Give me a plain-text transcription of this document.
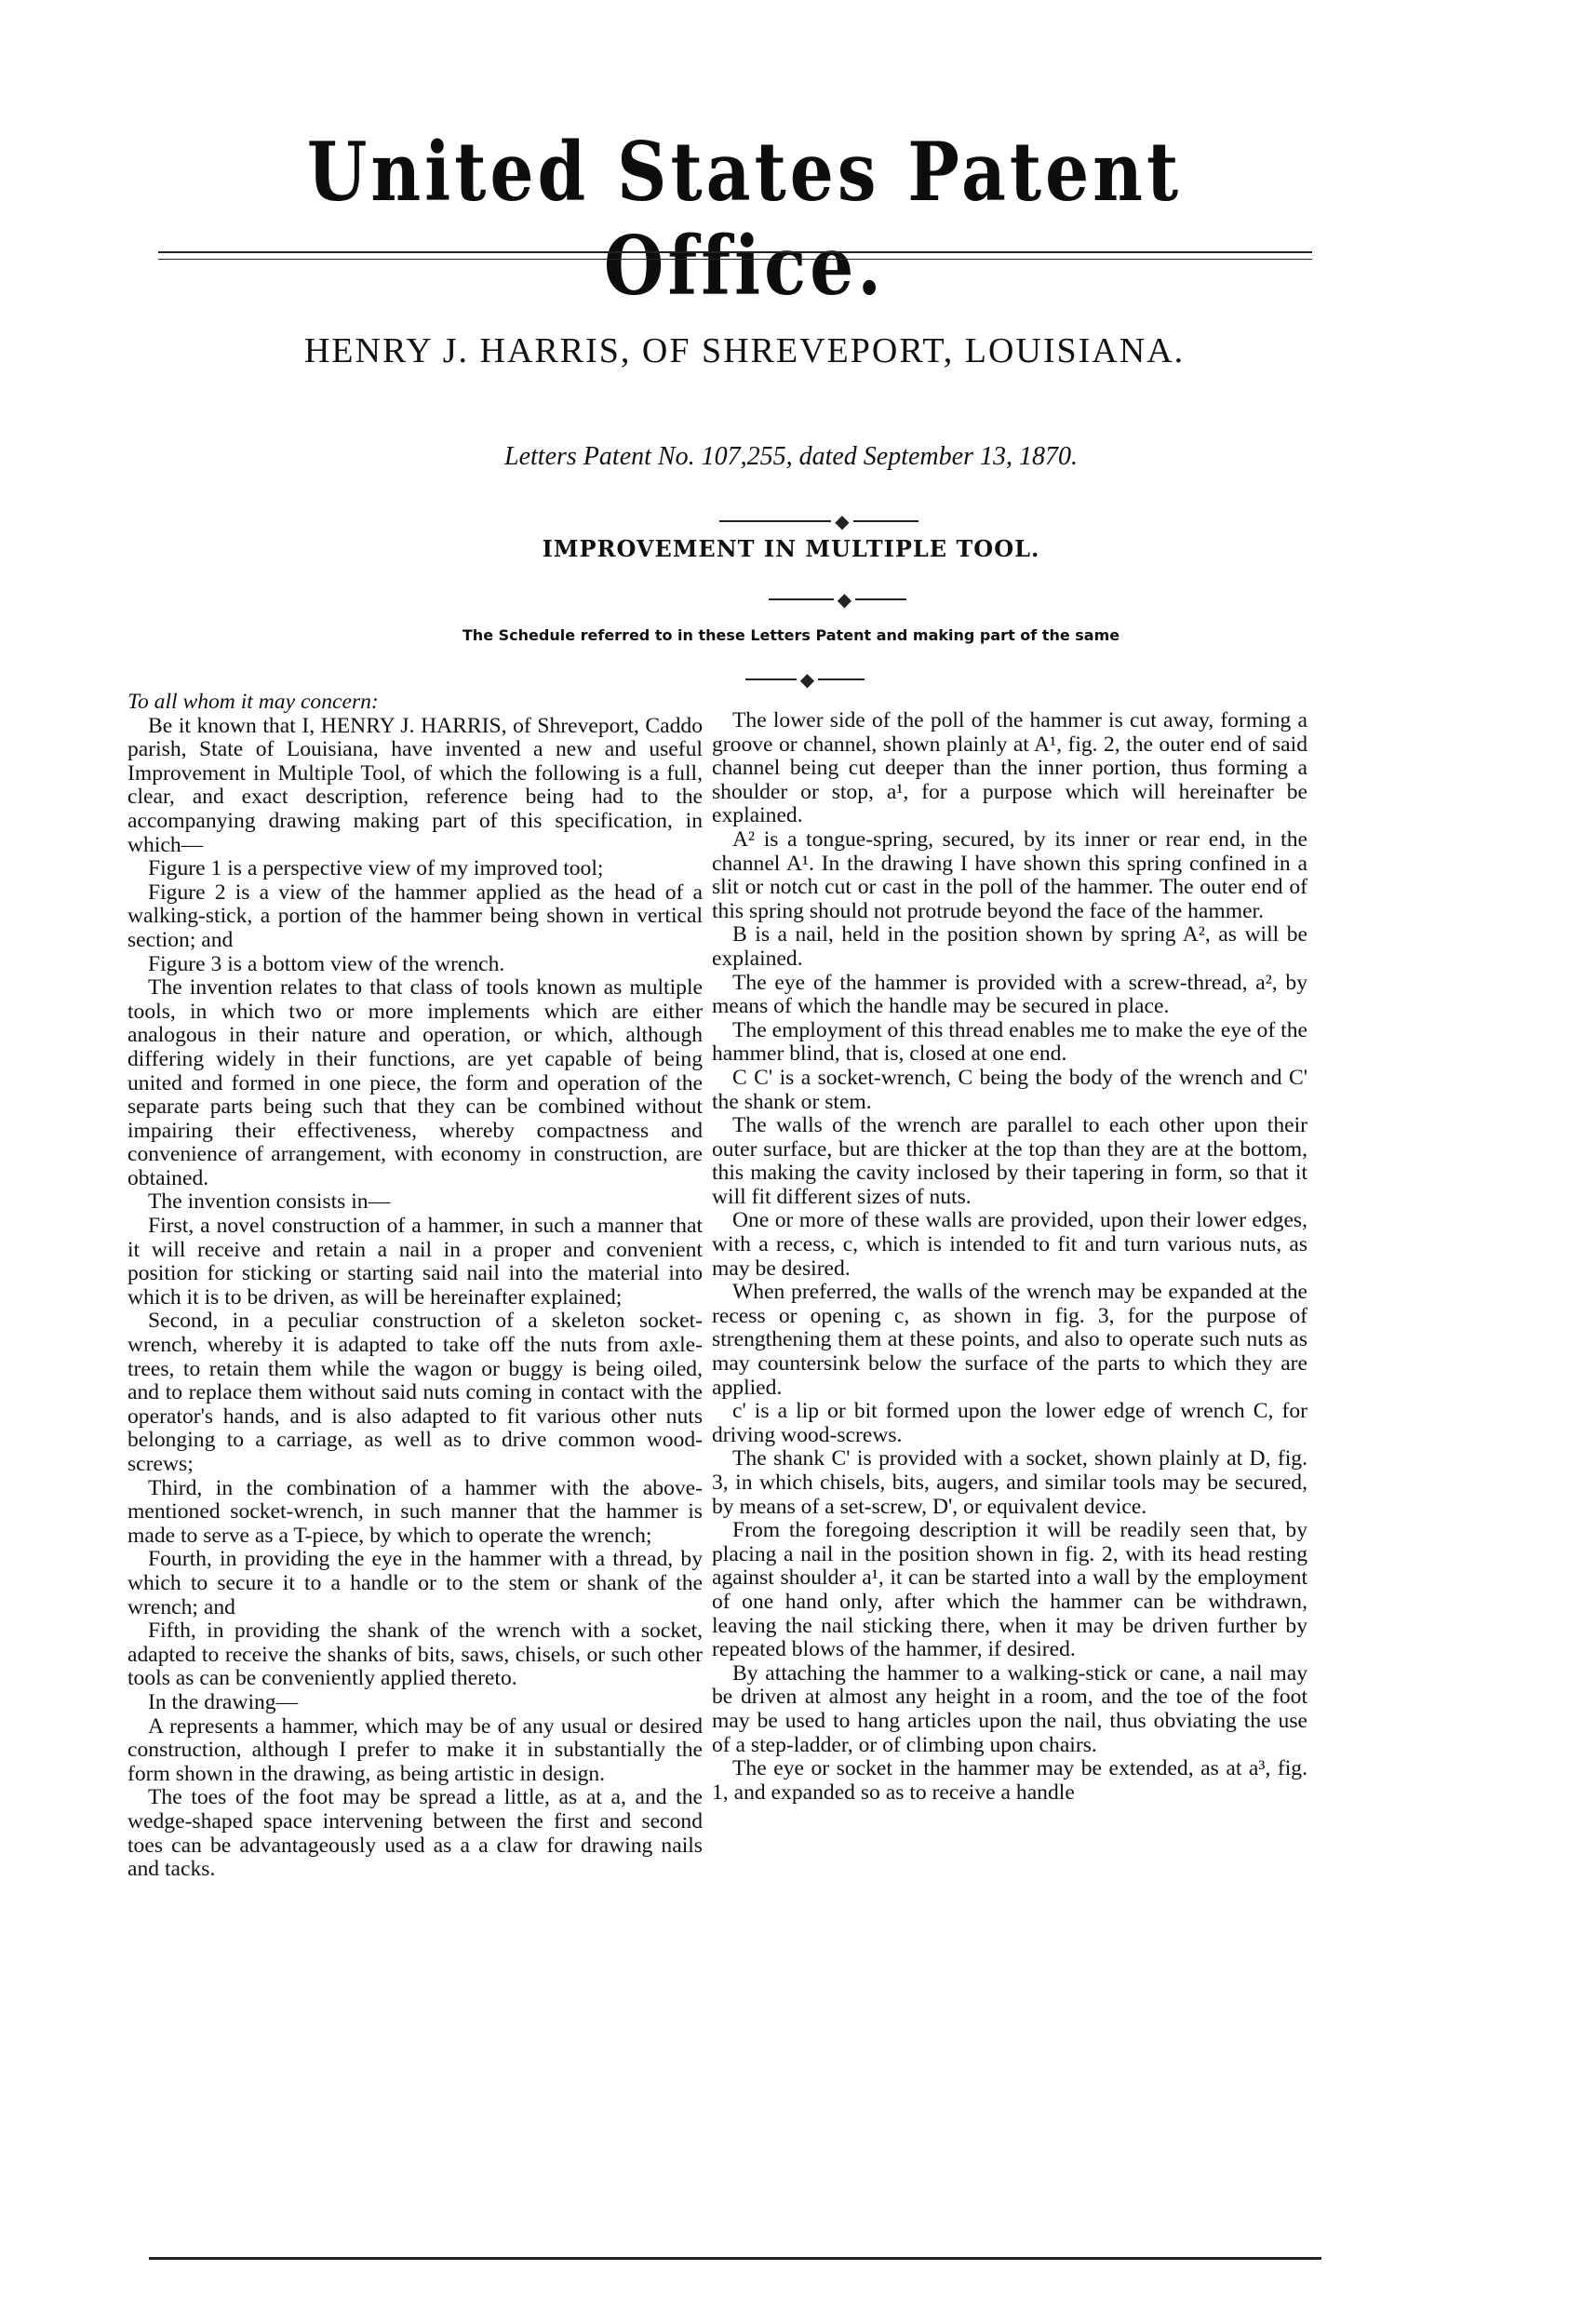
United States Patent Office.
HENRY J. HARRIS, OF SHREVEPORT, LOUISIANA.
Letters Patent No. 107,255, dated September 13, 1870.
◆
IMPROVEMENT IN MULTIPLE TOOL.
◆
The Schedule referred to in these Letters Patent and making part of the same
◆

To all whom it may concern:

Be it known that I, HENRY J. HARRIS, of Shreveport, Caddo parish, State of Louisiana, have invented a new and useful Improvement in Multiple Tool, of which the following is a full, clear, and exact description, reference being had to the accompanying drawing making part of this specification, in which—

Figure 1 is a perspective view of my improved tool;

Figure 2 is a view of the hammer applied as the head of a walking-stick, a portion of the hammer being shown in vertical section; and

Figure 3 is a bottom view of the wrench.

The invention relates to that class of tools known as multiple tools, in which two or more implements which are either analogous in their nature and operation, or which, although differing widely in their functions, are yet capable of being united and formed in one piece, the form and operation of the separate parts being such that they can be combined without impairing their effectiveness, whereby compactness and convenience of arrangement, with economy in construction, are obtained.

The invention consists in—

First, a novel construction of a hammer, in such a manner that it will receive and retain a nail in a proper and convenient position for sticking or starting said nail into the material into which it is to be driven, as will be hereinafter explained;

Second, in a peculiar construction of a skeleton socket-wrench, whereby it is adapted to take off the nuts from axle-trees, to retain them while the wagon or buggy is being oiled, and to replace them without said nuts coming in contact with the operator's hands, and is also adapted to fit various other nuts belonging to a carriage, as well as to drive common wood-screws;

Third, in the combination of a hammer with the above-mentioned socket-wrench, in such manner that the hammer is made to serve as a T-piece, by which to operate the wrench;

Fourth, in providing the eye in the hammer with a thread, by which to secure it to a handle or to the stem or shank of the wrench; and

Fifth, in providing the shank of the wrench with a socket, adapted to receive the shanks of bits, saws, chisels, or such other tools as can be conveniently applied thereto.

In the drawing—

A represents a hammer, which may be of any usual or desired construction, although I prefer to make it in substantially the form shown in the drawing, as being artistic in design.

The toes of the foot may be spread a little, as at a, and the wedge-shaped space intervening between the first and second toes can be advantageously used as a a claw for drawing nails and tacks.

The lower side of the poll of the hammer is cut away, forming a groove or channel, shown plainly at A¹, fig. 2, the outer end of said channel being cut deeper than the inner portion, thus forming a shoulder or stop, a¹, for a purpose which will hereinafter be explained.

A² is a tongue-spring, secured, by its inner or rear end, in the channel A¹. In the drawing I have shown this spring confined in a slit or notch cut or cast in the poll of the hammer. The outer end of this spring should not protrude beyond the face of the hammer.

B is a nail, held in the position shown by spring A², as will be explained.

The eye of the hammer is provided with a screw-thread, a², by means of which the handle may be secured in place.

The employment of this thread enables me to make the eye of the hammer blind, that is, closed at one end.

C C' is a socket-wrench, C being the body of the wrench and C' the shank or stem.

The walls of the wrench are parallel to each other upon their outer surface, but are thicker at the top than they are at the bottom, this making the cavity inclosed by their tapering in form, so that it will fit different sizes of nuts.

One or more of these walls are provided, upon their lower edges, with a recess, c, which is intended to fit and turn various nuts, as may be desired.

When preferred, the walls of the wrench may be expanded at the recess or opening c, as shown in fig. 3, for the purpose of strengthening them at these points, and also to operate such nuts as may countersink below the surface of the parts to which they are applied.

c' is a lip or bit formed upon the lower edge of wrench C, for driving wood-screws.

The shank C' is provided with a socket, shown plainly at D, fig. 3, in which chisels, bits, augers, and similar tools may be secured, by means of a set-screw, D', or equivalent device.

From the foregoing description it will be readily seen that, by placing a nail in the position shown in fig. 2, with its head resting against shoulder a¹, it can be started into a wall by the employment of one hand only, after which the hammer can be withdrawn, leaving the nail sticking there, when it may be driven further by repeated blows of the hammer, if desired.

By attaching the hammer to a walking-stick or cane, a nail may be driven at almost any height in a room, and the toe of the foot may be used to hang articles upon the nail, thus obviating the use of a step-ladder, or of climbing upon chairs.

The eye or socket in the hammer may be extended, as at a³, fig. 1, and expanded so as to receive a handle
